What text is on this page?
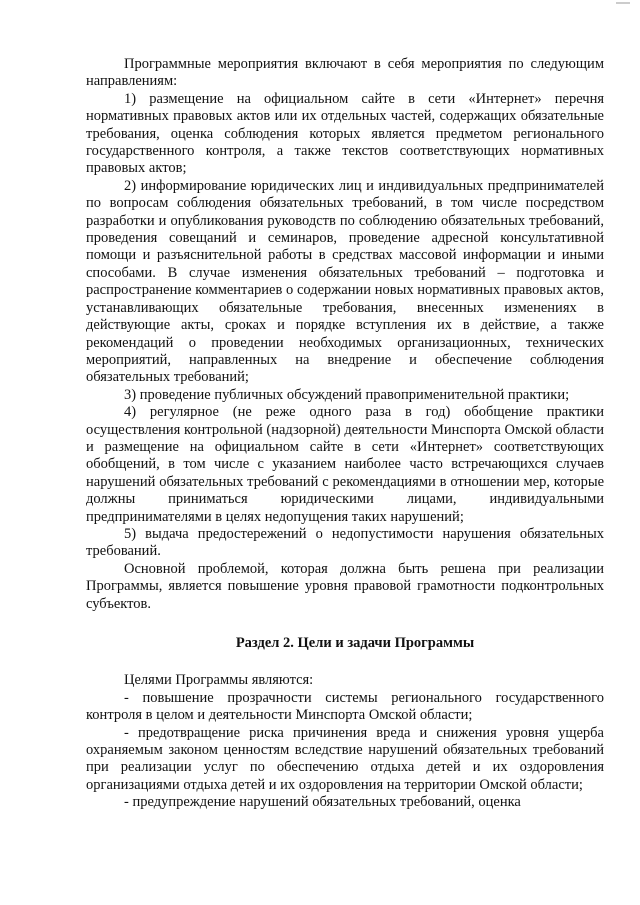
Программные мероприятия включают в себя мероприятия по следующим направлениям:

1) размещение на официальном сайте в сети «Интернет» перечня нормативных правовых актов или их отдельных частей, содержащих обязательные требования, оценка соблюдения которых является предметом регионального государственного контроля, а также текстов соответствующих нормативных правовых актов;

2) информирование юридических лиц и индивидуальных предпринимателей по вопросам соблюдения обязательных требований, в том числе посредством разработки и опубликования руководств по соблюдению обязательных требований, проведения совещаний и семинаров, проведение адресной консультативной помощи и разъяснительной работы в средствах массовой информации и иными способами. В случае изменения обязательных требований – подготовка и распространение комментариев о содержании новых нормативных правовых актов, устанавливающих обязательные требования, внесенных изменениях в действующие акты, сроках и порядке вступления их в действие, а также рекомендаций о проведении необходимых организационных, технических мероприятий, направленных на внедрение и обеспечение соблюдения обязательных требований;

3) проведение публичных обсуждений правоприменительной практики;

4) регулярное (не реже одного раза в год) обобщение практики осуществления контрольной (надзорной) деятельности Минспорта Омской области и размещение на официальном сайте в сети «Интернет» соответствующих обобщений, в том числе с указанием наиболее часто встречающихся случаев нарушений обязательных требований с рекомендациями в отношении мер, которые должны приниматься юридическими лицами, индивидуальными предпринимателями в целях недопущения таких нарушений;

5) выдача предостережений о недопустимости нарушения обязательных требований.

Основной проблемой, которая должна быть решена при реализации Программы, является повышение уровня правовой грамотности подконтрольных субъектов.

Раздел 2. Цели и задачи Программы

Целями Программы являются:

- повышение прозрачности системы регионального государственного контроля в целом и деятельности Минспорта Омской области;

- предотвращение риска причинения вреда и снижения уровня ущерба охраняемым законом ценностям вследствие нарушений обязательных требований при реализации услуг по обеспечению отдыха детей и их оздоровления организациями отдыха детей и их оздоровления на территории Омской области;

- предупреждение нарушений обязательных требований, оценка
